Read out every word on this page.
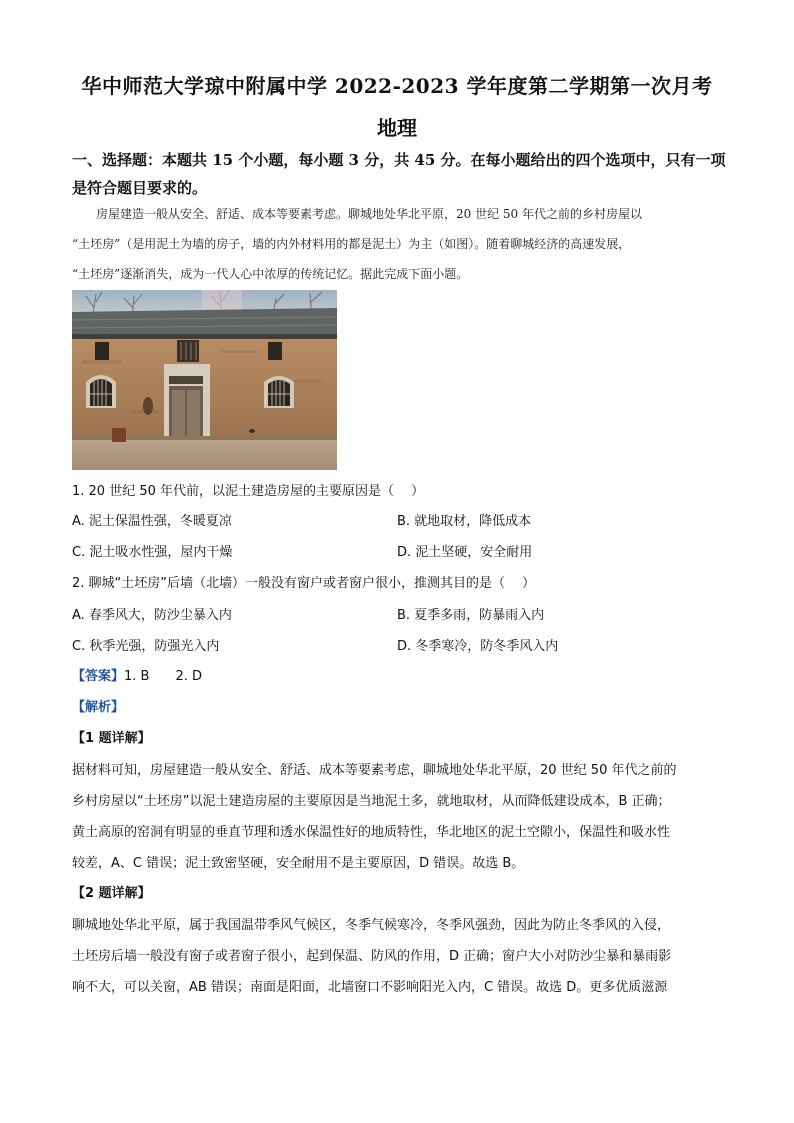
华中师范大学琼中附属中学 2022-2023 学年度第二学期第一次月考
地理
一、选择题：本题共 15 个小题，每小题 3 分，共 45 分。在每小题给出的四个选项中，只有一项是符合题目要求的。

房屋建造一般从安全、舒适、成本等要素考虑。聊城地处华北平原，20 世纪 50 年代之前的乡村房屋以

“土坯房”（是用泥土为墙的房子，墙的内外材料用的都是泥土）为主（如图）。随着聊城经济的高速发展，

“土坯房”逐渐消失，成为一代人心中浓厚的传统记忆。据此完成下面小题。

1. 20 世纪 50 年代前，以泥土建造房屋的主要原因是（　 ）
A. 泥土保温性强，冬暖夏凉	B. 就地取材，降低成本
C. 泥土吸水性强，屋内干燥	D. 泥土坚硬，安全耐用
2. 聊城“土坯房”后墙（北墙）一般没有窗户或者窗户很小，推测其目的是（　 ）
A. 春季风大，防沙尘暴入内	B. 夏季多雨，防暴雨入内
C. 秋季光强，防强光入内	D. 冬季寒冷，防冬季风入内
【答案】1. B　　2. D
【解析】
【1 题详解】

据材料可知，房屋建造一般从安全、舒适、成本等要素考虑，聊城地处华北平原，20 世纪 50 年代之前的

乡村房屋以“土坯房”以泥土建造房屋的主要原因是当地泥土多，就地取材，从而降低建设成本，B 正确；

黄土高原的窑洞有明显的垂直节理和透水保温性好的地质特性，华北地区的泥土空隙小，保温性和吸水性

较差，A、C 错误；泥土致密坚硬，安全耐用不是主要原因，D 错误。故选 B。

【2 题详解】

聊城地处华北平原，属于我国温带季风气候区，冬季气候寒冷，冬季风强劲，因此为防止冬季风的入侵，

土坯房后墙一般没有窗子或者窗子很小，起到保温、防风的作用，D 正确；窗户大小对防沙尘暴和暴雨影

响不大，可以关窗，AB 错误；南面是阳面，北墙窗口不影响阳光入内，C 错误。故选 D。更多优质滋源
